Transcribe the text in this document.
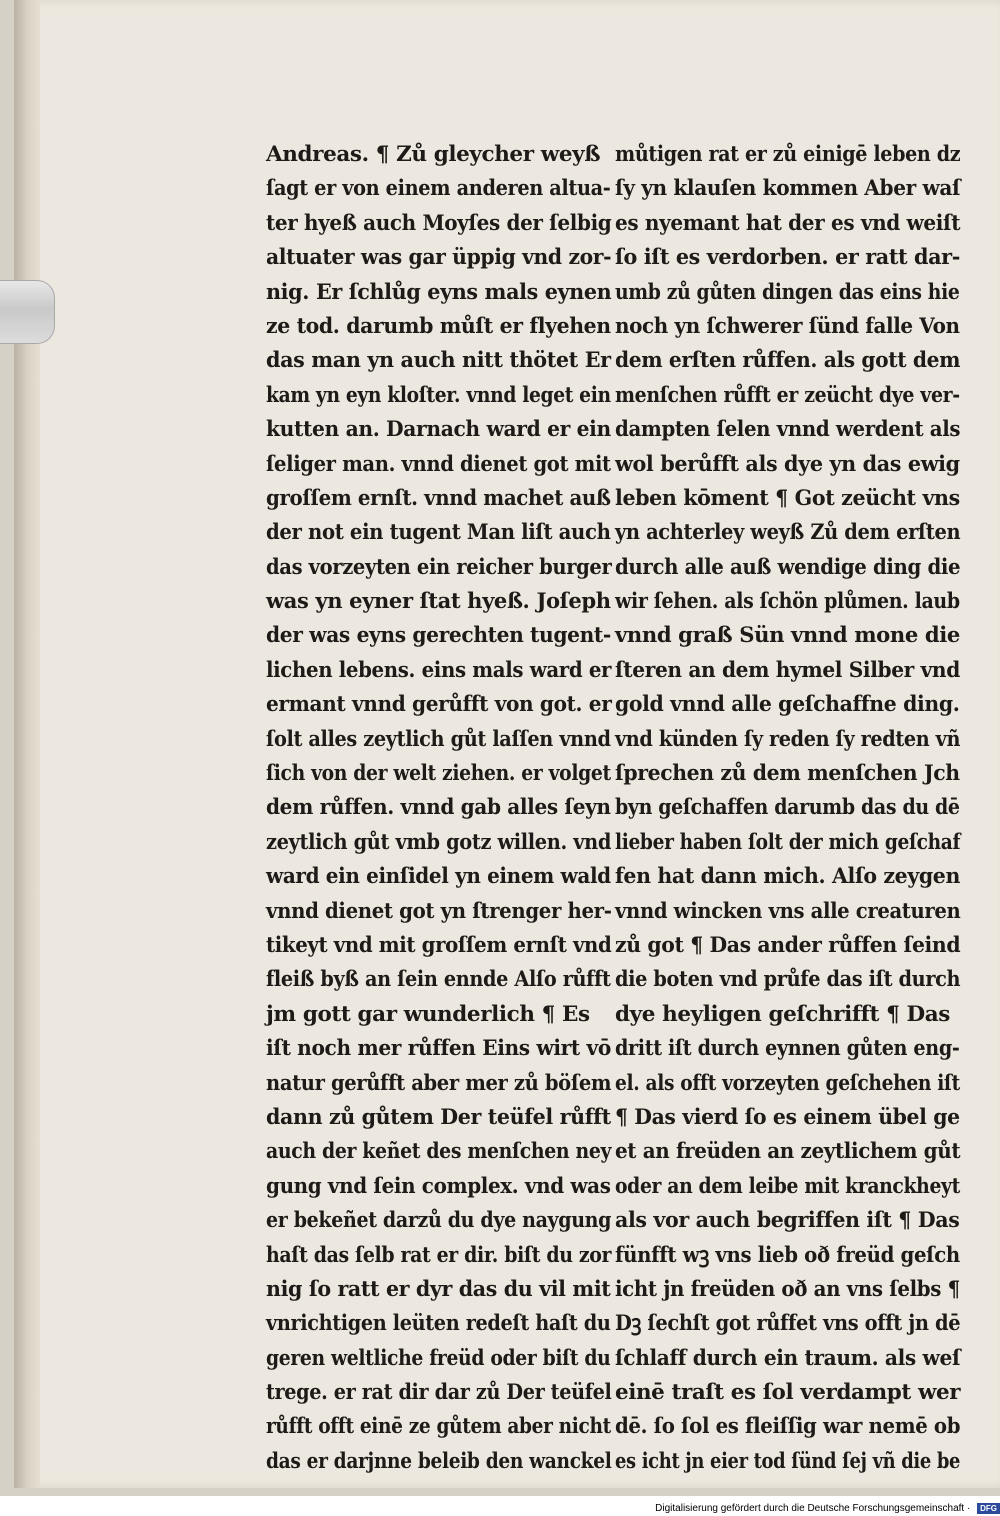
Andreas. ¶ Zů gleycher weyß
ſagt er von einem anderen altua-
ter hyeß auch Moyſes der ſelbig
altuater was gar üppig vnd zor-
nig. Er ſchlůg eyns mals eynen
ze tod. darumb můſt er flyehen
das man yn auch nitt thötet Er
kam yn eyn kloſter. vnnd leget ein
kutten an. Darnach ward er ein
ſeliger man. vnnd dienet got mit
groſſem ernſt. vnnd machet auß
der not ein tugent Man liſt auch
das vorzeyten ein reicher burger
was yn eyner ſtat hyeß. Joſeph
der was eyns gerechten tugent-
lichen lebens. eins mals ward er
ermant vnnd gerůfft von got. er
ſolt alles zeytlich gůt laſſen vnnd
ſich von der welt ziehen. er volget
dem růffen. vnnd gab alles ſeyn
zeytlich gůt vmb gotz willen. vnd
ward ein einſidel yn einem wald
vnnd dienet got yn ſtrenger her-
tikeyt vnd mit groſſem ernſt vnd
fleiß byß an ſein ennde Alſo růfft
jm gott gar wunderlich ¶ Es
iſt noch mer růffen Eins wirt vō
natur gerůfft aber mer zů böſem
dann zů gůtem Der teüfel růfft
auch der keñet des menſchen ney
gung vnd ſein complex. vnd was
er bekeñet darzů du dye naygung
haſt das ſelb rat er dir. biſt du zor
nig ſo ratt er dyr das du vil mit
vnrichtigen leüten redeſt haſt du
geren weltliche freüd oder biſt du
trege. er rat dir dar zů Der teüfel
růfft offt einē ze gůtem aber nicht
das er darjnne beleib den wanckel
můtigen rat er zů einigē leben dz
ſy yn klauſen kommen Aber waſ
es nyemant hat der es vnd weiſt
ſo iſt es verdorben. er ratt dar-
umb zů gůten dingen das eins hie
noch yn ſchwerer ſünd falle Von
dem erſten růffen. als gott dem
menſchen růfft er zeücht dye ver-
dampten ſelen vnnd werdent als
wol berůfft als dye yn das ewig
leben kōment ¶ Got zeücht vns
yn achterley weyß Zů dem erſten
durch alle auß wendige ding die
wir ſehen. als ſchön plůmen. laub
vnnd graß Sün vnnd mone die
ſteren an dem hymel Silber vnd
gold vnnd alle geſchaffne ding.
vnd künden ſy reden ſy redten vñ
ſprechen zů dem menſchen Jch
byn geſchaffen darumb das du dē
lieber haben ſolt der mich geſchaf
fen hat dann mich. Alſo zeygen
vnnd wincken vns alle creaturen
zů got ¶ Das ander růffen ſeind
die boten vnd průfe das iſt durch
dye heyligen geſchrifft ¶ Das
dritt iſt durch eynnen gůten eng-
el. als offt vorzeyten geſchehen iſt
¶ Das vierd ſo es einem übel ge
et an freüden an zeytlichem gůt
oder an dem leibe mit kranckheyt
als vor auch begriffen iſt ¶ Das
fünfft wꝫ vns lieb oð freüd geſch
icht jn freüden oð an vns ſelbs ¶
Dꝫ ſechſt got růffet vns offt jn dē
ſchlaff durch ein traum. als weſ
einē traſt es ſol verdampt wer
dē. ſo ſol es fleiſſig war nemē ob
es icht jn eier tod ſünd ſej vñ die be
Digitalisierung gefördert durch die Deutsche Forschungsgemeinschaft · DFG
